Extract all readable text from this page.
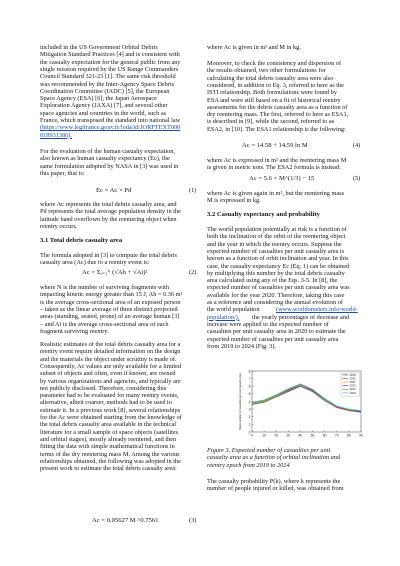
Ec = Ac × Pd	(1)
3.1 Total debris casualty area
Ac = Σᵢ₌₁ᴺ (√Ah + √Ai)²	(2)
Ac = 0.05627 M ^0.7561	(3)
Ac = 14.58 + 14.59 ln M	(4)
Ac = 5.6 × M^(1/3) − 15	(5)
3.2 Casualty expectancy and probability
0
1
2
3
4
5
6
7
8
0	10 20 30 40 50 60 70 80 90
Mean number of casualties per unit casualty area	2019
2020
2021
2022
2023
2024
included in the US Government Orbital Debris
Mitigation Standard Practices [4] and is consistent with
the casualty expectation for the general public from any
single mission required by the US Range Commanders
Council Standard 321-23 [1]. The same risk threshold
was recommended by the Inter-Agency Space Debris
Coordination Committee (IADC) [5], the European
Space Agency (ESA) [6], the Japan Aerospace
Exploration Agency (JAXA) [7], and several other
space agencies and countries in the world, such as
France, which transposed the standard into national law
(https://www.legifrance.gouv.fr/loda/id/JORFTEXT000
018931380).
For the evaluation of the human casualty expectation,
also known as human casualty expectancy (Ec), the
same formulation adopted by NASA in [3] was used in
this paper, that is:
where Ac represents the total debris casualty area, and
Pd represents the total average population density in the
latitude band overflown by the reentering object when
reentry occurs.
The formula adopted in [3] to compute the total debris
casualty area (Ac) due to a reentry event is:
where N is the number of surviving fragments with
impacting kinetic energy greater than 15 J, Ah = 0.36 m²
is the average cross-sectional area of an exposed person
– taken as the linear average of three distinct projected
areas (standing, seated, prone) of an average human [3]
– and Ai is the average cross-sectional area of each
fragment surviving reentry.
Realistic estimates of the total debris casualty area for a
reentry event require detailed information on the design
and the materials the object under scrutiny is made of.
Consequently, Ac values are only available for a limited
subset of objects and often, even if known, are owned
by various organizations and agencies, and typically are
not publicly disclosed. Therefore, considering this
parameter had to be evaluated for many reentry events,
alternative, albeit coarser, methods had to be used to
estimate it. In a previous work [8], several relationships
for the Ac were obtained starting from the knowledge of
the total debris casualty area available in the technical
literature for a small sample of space objects (satellites
and orbital stages), mostly already reentered, and then
fitting the data with simple mathematical functions in
terms of the dry reentering mass M. Among the various
relationships obtained, the following was adopted in the
present work to estimate the total debris casualty area:
where Ac is given in m² and M in kg.
Moreover, to check the consistency and dispersion of
the results obtained, two other formulations for
calculating the total debris casualty area were also
considered, in addition to Eq. 3, referred to here as the
ISTI relationship. Both formulations were found by
ESA and were still based on a fit of historical reentry
assessments for the debris casualty area as a function of
dry reentering mass. The first, referred to here as ESA1,
is described in [9], while the second, referred to as
ESA2, in [10]. The ESA1 relationship is the following:
where Ac is expressed in m² and the reentering mass M
is given in metric tons. The ESA2 formula is instead:
where Ac is given again in m², but the reentering mass
M is expressed in kg.
The world population potentially at risk is a function of
both the inclination of the orbit of the reentering object
and the year in which the reentry occurs. Suppose the
expected number of casualties per unit casualty area is
known as a function of orbit inclination and year. In this
case, the casualty expectancy Ec (Eq. 1) can be obtained
by multiplying this number by the total debris casualty
area calculated using any of the Eqs. 3-5. In [8], the
expected number of casualties per unit casualty area was
available for the year 2020. Therefore, taking this case
as a reference and considering the annual evolution of
the world population	(www.worldometers.info/world-
population/), the yearly percentages of decrease and
increase were applied to the expected number of
casualties per unit casualty area in 2020 to estimate the
expected number of casualties per unit casualty area
from 2019 to 2024 (Fig. 3).
Figure 3. Expected number of casualties per unit
casualty area as a function of orbital inclination and
reentry epoch from 2019 to 2024
The casualty probability P(k), where k represents the
number of people injured or killed, was obtained from
